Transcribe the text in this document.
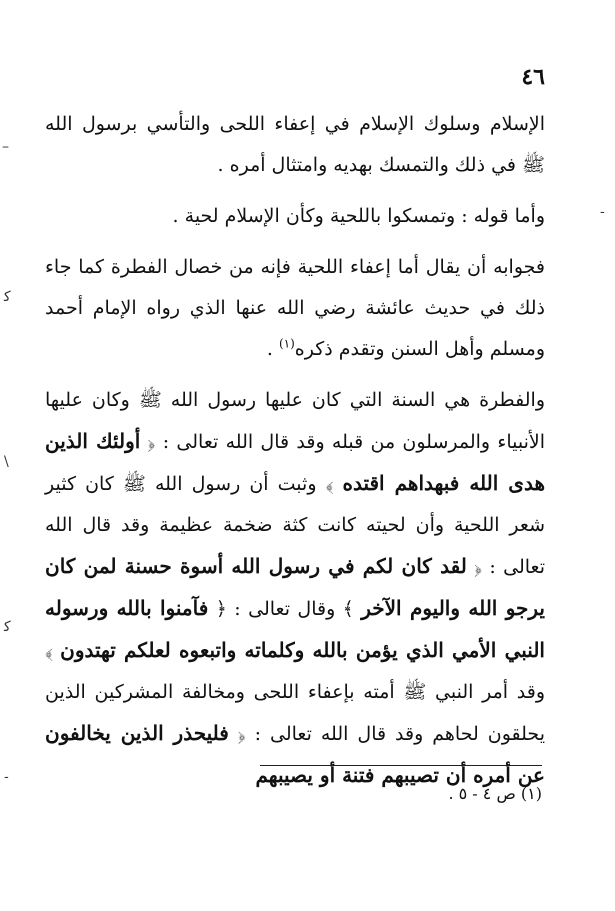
٤٦

الإسلام وسلوك الإسلام في إعفاء اللحى والتأسي برسول الله ﷺ في ذلك والتمسك بهديه وامتثال أمره .

وأما قوله : وتمسكوا باللحية وكأن الإسلام لحية .

فجوابه أن يقال أما إعفاء اللحية فإنه من خصال الفطرة كما جاء ذلك في حديث عائشة رضي الله عنها الذي رواه الإمام أحمد ومسلم وأهل السنن وتقدم ذكره$^{(١)}$ .

والفطرة هي السنة التي كان عليها رسول الله ﷺ وكان عليها الأنبياء والمرسلون من قبله وقد قال الله تعالى : ﴿ أولئك الذين هدى الله فبهداهم اقتده ﴾ وثبت أن رسول الله ﷺ كان كثير شعر اللحية وأن لحيته كانت كثة ضخمة عظيمة وقد قال الله تعالى : ﴿ لقد كان لكم في رسول الله أسوة حسنة لمن كان يرجو الله واليوم الآخر ﴾ وقال تعالى : ﴿ فآمنوا بالله ورسوله النبي الأمي الذي يؤمن بالله وكلماته واتبعوه لعلكم تهتدون ﴾ وقد أمر النبي ﷺ أمته بإعفاء اللحى ومخالفة المشركين الذين يحلقون لحاهم وقد قال الله تعالى : ﴿ فليحذر الذين يخالفون عن أمره أن تصيبهم فتنة أو يصيبهم

(١) ص ٤ - ٥ .
–
ﮐ
\
ﮐ
-
-
